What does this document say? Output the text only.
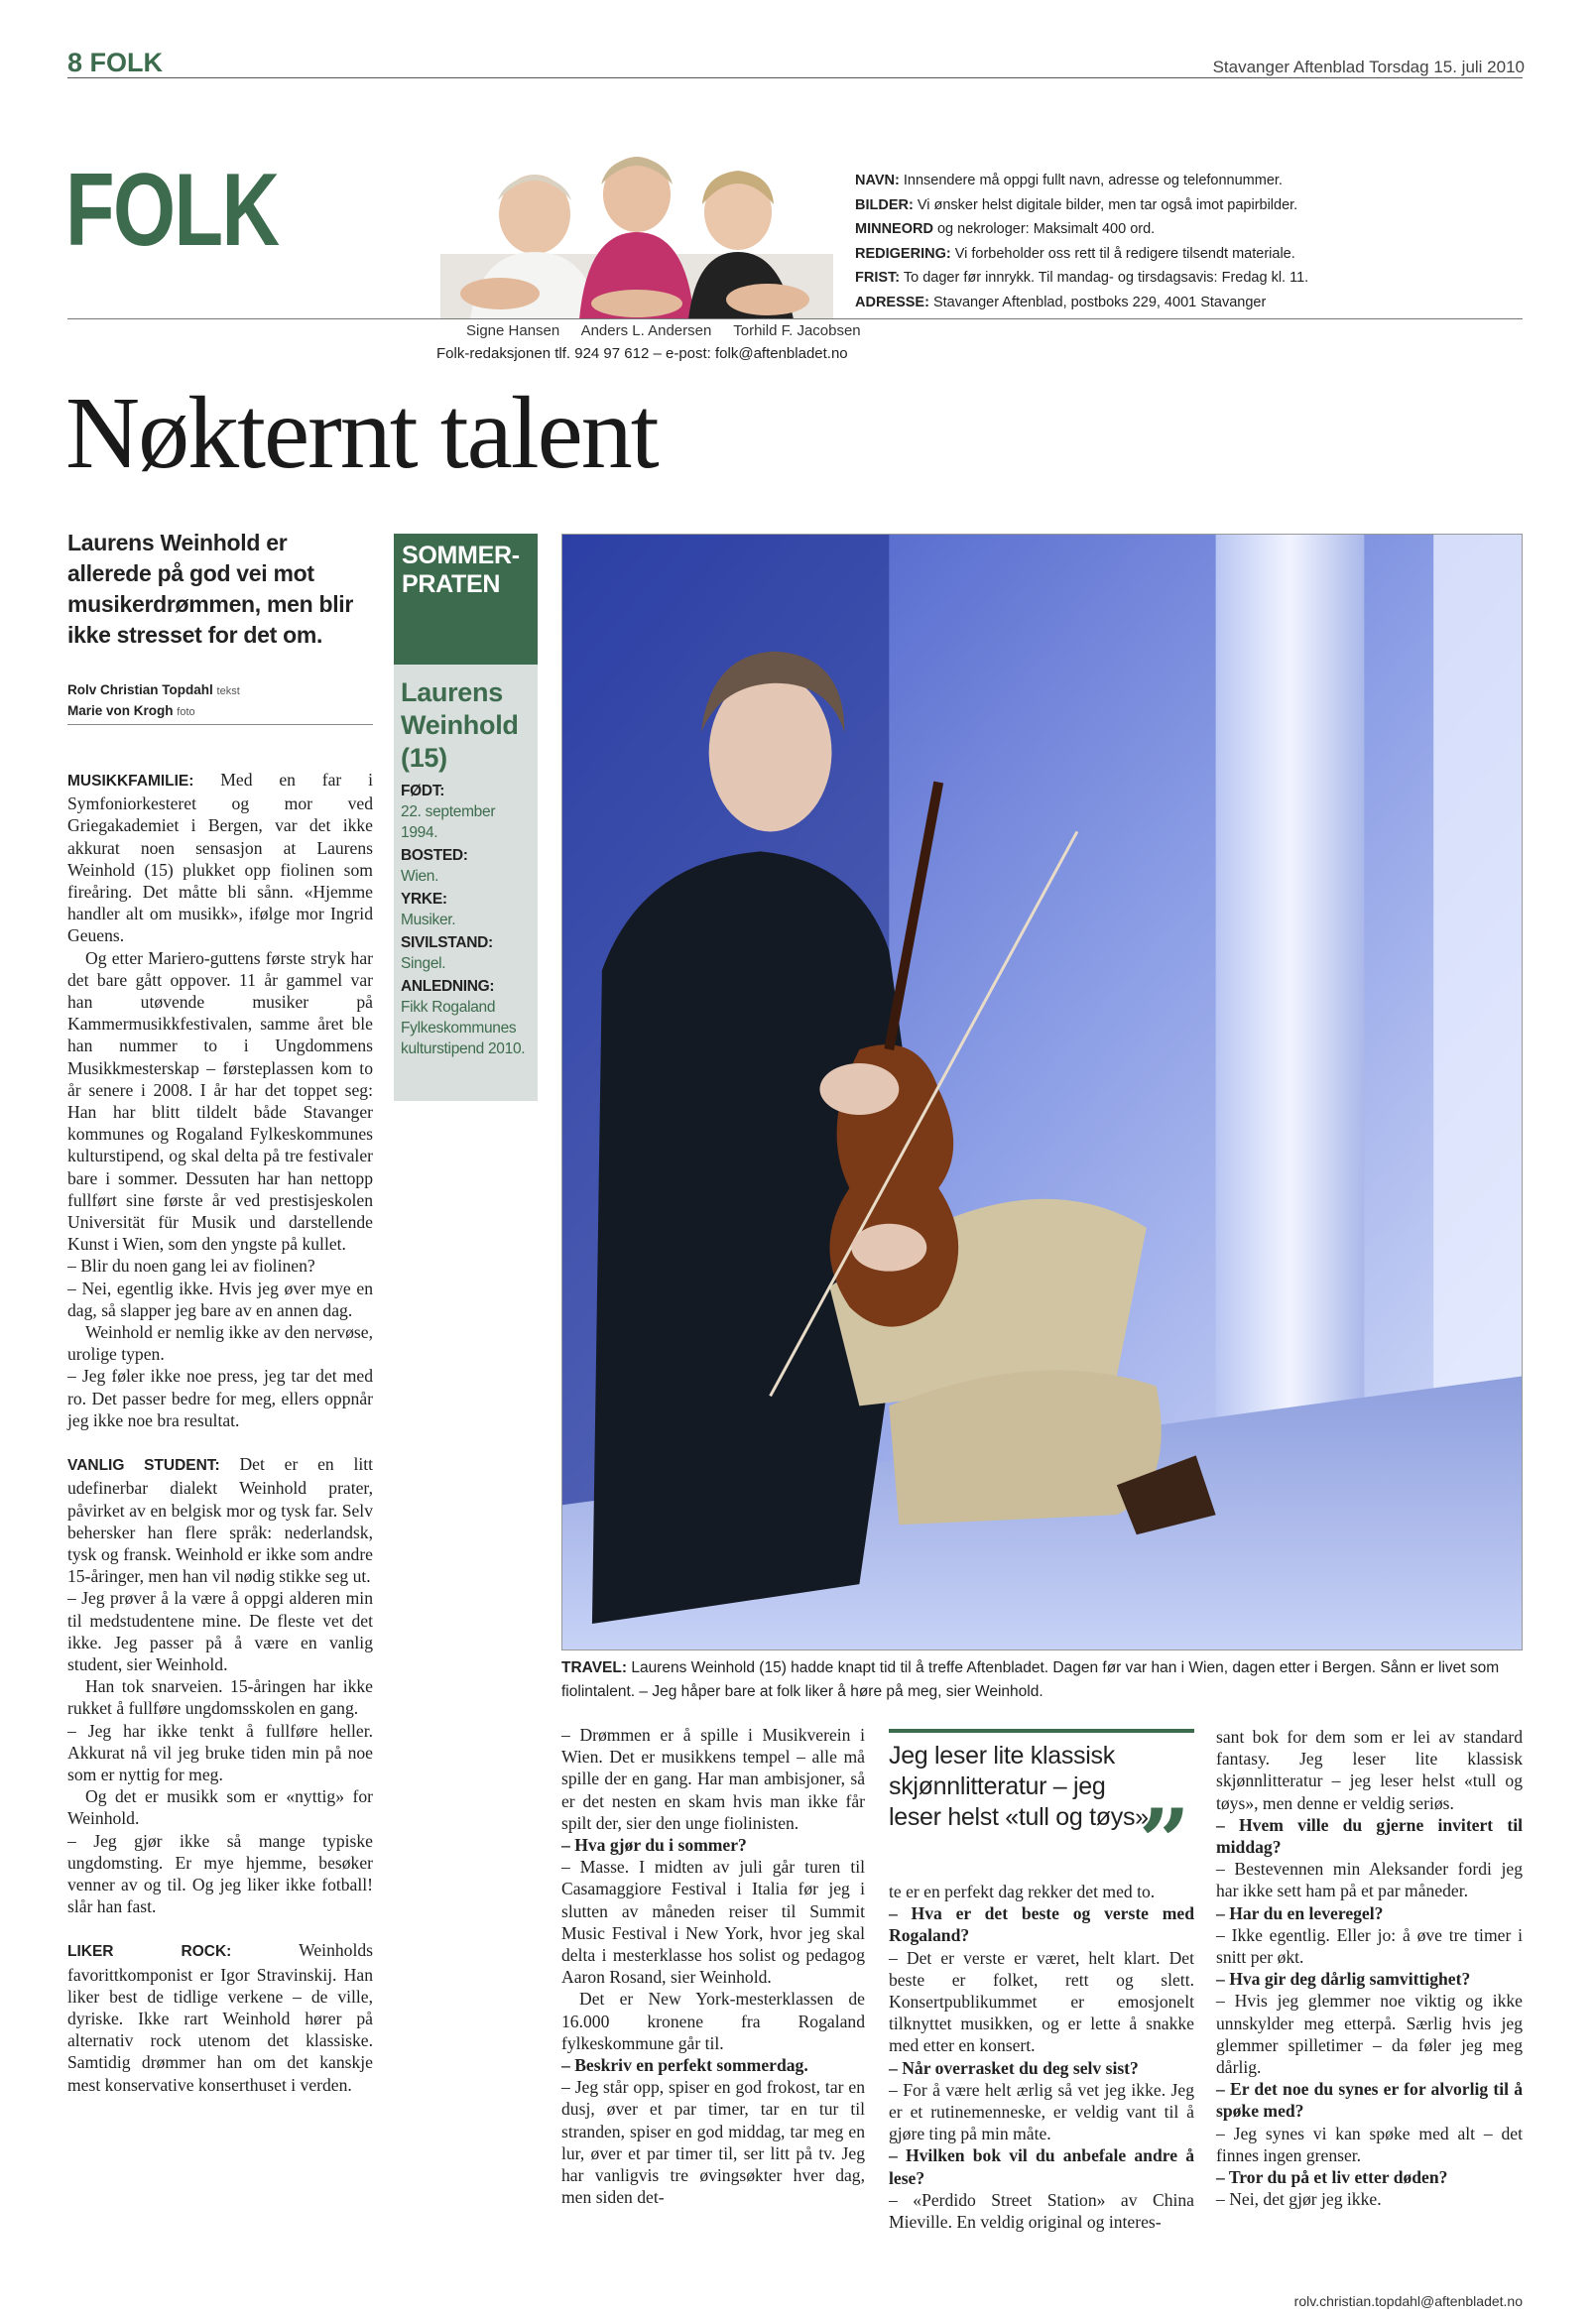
8 FOLK	Stavanger Aftenblad Torsdag 15. juli 2010
FOLK
Signe Hansen Anders L. Andersen Torhild F. Jacobsen
Folk-redaksjonen tlf. 924 97 612 – e-post: folk@aftenbladet.no
NAVN: Innsendere må oppgi fullt navn, adresse og telefonnummer.
BILDER: Vi ønsker helst digitale bilder, men tar også imot papirbilder.
MINNEORD og nekrologer: Maksimalt 400 ord.
REDIGERING: Vi forbeholder oss rett til å redigere tilsendt materiale.
FRIST: To dager før innrykk. Til mandag- og tirsdagsavis: Fredag kl. 11.
ADRESSE: Stavanger Aftenblad, postboks 229, 4001 Stavanger
Nøkternt talent
Laurens Weinhold er allerede på god vei mot musikerdrømmen, men blir ikke stresset for det om.
Rolv Christian Topdahl tekst
Marie von Krogh foto

MUSIKKFAMILIE: Med en far i Symfoniorkesteret og mor ved Griegakademiet i Bergen, var det ikke akkurat noen sensasjon at Laurens Weinhold (15) plukket opp fiolinen som fireåring. Det måtte bli sånn. «Hjemme handler alt om musikk», ifølge mor Ingrid Geuens.

Og etter Mariero-guttens første stryk har det bare gått oppover. 11 år gammel var han utøvende musiker på Kammermusikkfestivalen, samme året ble han nummer to i Ungdommens Musikkmesterskap – førsteplassen kom to år senere i 2008. I år har det toppet seg: Han har blitt tildelt både Stavanger kommunes og Rogaland Fylkeskommunes kulturstipend, og skal delta på tre festivaler bare i sommer. Dessuten har han nettopp fullført sine første år ved prestisjeskolen Universität für Musik und darstellende Kunst i Wien, som den yngste på kullet.

– Blir du noen gang lei av fiolinen?

– Nei, egentlig ikke. Hvis jeg øver mye en dag, så slapper jeg bare av en annen dag.

Weinhold er nemlig ikke av den nervøse, urolige typen.

– Jeg føler ikke noe press, jeg tar det med ro. Det passer bedre for meg, ellers oppnår jeg ikke noe bra resultat.

VANLIG STUDENT: Det er en litt udefinerbar dialekt Weinhold prater, påvirket av en belgisk mor og tysk far. Selv behersker han flere språk: nederlandsk, tysk og fransk. Weinhold er ikke som andre 15-åringer, men han vil nødig stikke seg ut.

– Jeg prøver å la være å oppgi alderen min til medstudentene mine. De fleste vet det ikke. Jeg passer på å være en vanlig student, sier Weinhold.

Han tok snarveien. 15-åringen har ikke rukket å fullføre ungdomsskolen en gang.

– Jeg har ikke tenkt å fullføre heller. Akkurat nå vil jeg bruke tiden min på noe som er nyttig for meg.

Og det er musikk som er «nyttig» for Weinhold.

– Jeg gjør ikke så mange typiske ungdomsting. Er mye hjemme, besøker venner av og til. Og jeg liker ikke fotball! slår han fast.

LIKER ROCK: Weinholds favorittkomponist er Igor Stravinskij. Han liker best de tidlige verkene – de ville, dyriske. Ikke rart Weinhold hører på alternativ rock utenom det klassiske. Samtidig drømmer han om det kanskje mest konservative konserthuset i verden.

SOMMER-PRATEN
Laurens Weinhold (15)
FØDT:
22. september 1994.
BOSTED:
Wien.
YRKE:
Musiker.
SIVILSTAND:
Singel.
ANLEDNING:
Fikk Rogaland Fylkeskommunes kulturstipend 2010.
TRAVEL: Laurens Weinhold (15) hadde knapt tid til å treffe Aftenbladet. Dagen før var han i Wien, dagen etter i Bergen. Sånn er livet som fiolintalent. – Jeg håper bare at folk liker å høre på meg, sier Weinhold.

– Drømmen er å spille i Musikverein i Wien. Det er musikkens tempel – alle må spille der en gang. Har man ambisjoner, så er det nesten en skam hvis man ikke får spilt der, sier den unge fiolinisten.

– Hva gjør du i sommer?

– Masse. I midten av juli går turen til Casamaggiore Festival i Italia før jeg i slutten av måneden reiser til Summit Music Festival i New York, hvor jeg skal delta i mesterklasse hos solist og pedagog Aaron Rosand, sier Weinhold.

Det er New York-mesterklassen de 16.000 kronene fra Rogaland fylkeskommune går til.

– Beskriv en perfekt sommerdag.

– Jeg står opp, spiser en god frokost, tar en dusj, øver et par timer, tar en tur til stranden, spiser en god middag, tar meg en lur, øver et par timer til, ser litt på tv. Jeg har vanligvis tre øvingsøkter hver dag, men siden det-

Jeg leser lite klassisk skjønnlitteratur – jeg leser helst «tull og tøys»
”

te er en perfekt dag rekker det med to.

– Hva er det beste og verste med Rogaland?

– Det er verste er været, helt klart. Det beste er folket, rett og slett. Konsertpublikummet er emosjonelt tilknyttet musikken, og er lette å snakke med etter en konsert.

– Når overrasket du deg selv sist?

– For å være helt ærlig så vet jeg ikke. Jeg er et rutinemenneske, er veldig vant til å gjøre ting på min måte.

– Hvilken bok vil du anbefale andre å lese?

– «Perdido Street Station» av China Mieville. En veldig original og interes-

sant bok for dem som er lei av standard fantasy. Jeg leser lite klassisk skjønnlitteratur – jeg leser helst «tull og tøys», men denne er veldig seriøs.

– Hvem ville du gjerne invitert til middag?

– Bestevennen min Aleksander fordi jeg har ikke sett ham på et par måneder.

– Har du en leveregel?

– Ikke egentlig. Eller jo: å øve tre timer i snitt per økt.

– Hva gir deg dårlig samvittighet?

– Hvis jeg glemmer noe viktig og ikke unnskylder meg etterpå. Særlig hvis jeg glemmer spilletimer – da føler jeg meg dårlig.

– Er det noe du synes er for alvorlig til å spøke med?

– Jeg synes vi kan spøke med alt – det finnes ingen grenser.

– Tror du på et liv etter døden?

– Nei, det gjør jeg ikke.

rolv.christian.topdahl@aftenbladet.no
